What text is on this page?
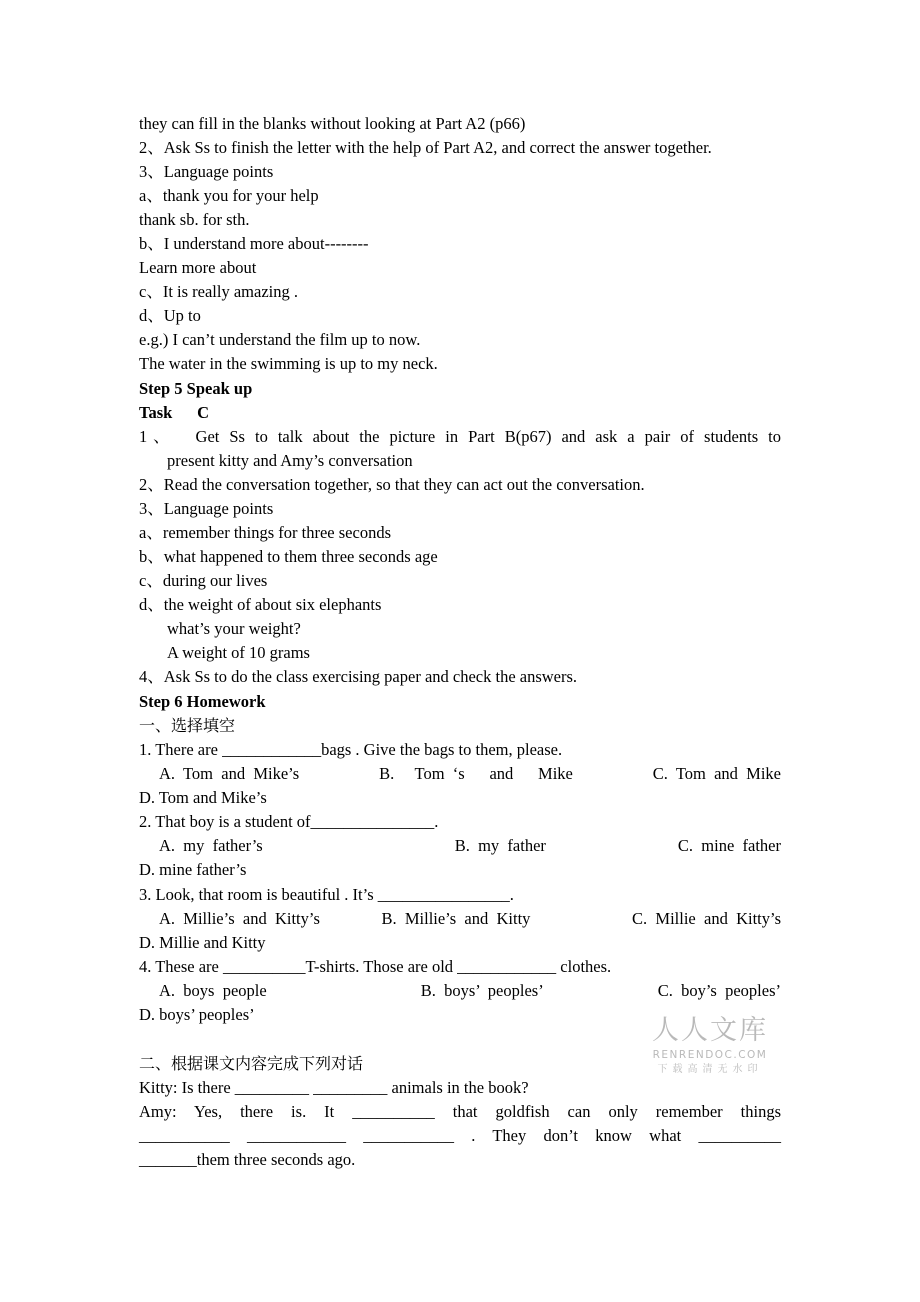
they can fill in the blanks without looking at Part A2 (p66)
2、Ask Ss to finish the letter with the help of Part A2, and correct the answer together.
3、Language points
a、thank you for your help
thank sb. for sth.
b、I understand more about--------
Learn more about
c、It is really amazing .
d、Up to
e.g.) I can’t understand the film up to now.
The water in the swimming is up to my neck.
Step 5 Speak up
Task      C
1、  Get Ss to talk about the picture in Part B(p67) and ask a pair of students to
present kitty and Amy’s conversation
2、Read the conversation together, so that they can act out the conversation.
3、Language points
a、remember things for three seconds
b、what happened to them three seconds age
c、during our lives
d、the weight of about six elephants
what’s your weight?
A weight of 10 grams
4、Ask Ss to do the class exercising paper and check the answers.
Step 6 Homework
一、选择填空
1. There are ____________bags . Give the bags to them, please.
A.  Tom  and  Mike’s	B.     Tom  ‘s      and      Mike	C.  Tom  and  Mike
D. Tom and Mike’s
2. That boy is a student of_______________.
A.  my  father’s	B.  my  father	C.  mine  father
D. mine father’s
3. Look, that room is beautiful . It’s ________________.
A.  Millie’s  and  Kitty’s	B.  Millie’s  and  Kitty	C.  Millie  and  Kitty’s
D. Millie and Kitty
4. These are __________T-shirts. Those are old ____________ clothes.
A.  boys  people	B.  boys’  peoples’	C.  boy’s  peoples’
D. boys’ peoples’
二、根据课文内容完成下列对话
Kitty: Is there _________ _________ animals in the book?
Amy:  Yes,  there  is.  It  __________  that  goldfish  can  only  remember  things
___________  ____________  ___________  .  They  don’t  know  what  __________
_______them three seconds ago.
人人文库
RENRENDOC.COM
下载高清无水印
